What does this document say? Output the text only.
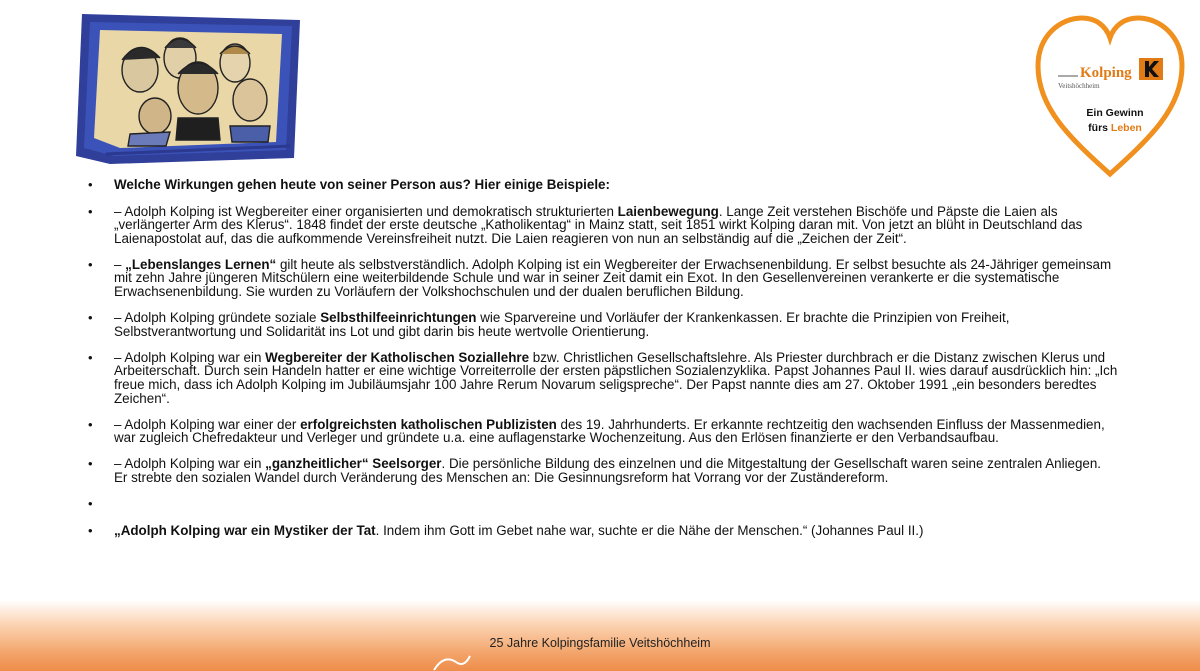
Kolping
Veitshöchheim
Ein Gewinn
fürs Leben
• Welche Wirkungen gehen heute von seiner Person aus? Hier einige Beispiele:
• – Adolph Kolping ist Wegbereiter einer organisierten und demokratisch strukturierten Laienbewegung. Lange Zeit verstehen Bischöfe und Päpste die Laien als „verlängerter Arm des Klerus“. 1848 findet der erste deutsche „Katholikentag“ in Mainz statt, seit 1851 wirkt Kolping daran mit. Von jetzt an blüht in Deutschland das Laienapostolat auf, das die aufkommende Vereinsfreiheit nutzt. Die Laien reagieren von nun an selbständig auf die „Zeichen der Zeit“.
• – „Lebenslanges Lernen“ gilt heute als selbstverständlich. Adolph Kolping ist ein Wegbereiter der Erwachsenenbildung. Er selbst besuchte als 24-Jähriger gemeinsam mit zehn Jahre jüngeren Mitschülern eine weiterbildende Schule und war in seiner Zeit damit ein Exot. In den Gesellenvereinen verankerte er die systematische Erwachsenenbildung. Sie wurden zu Vorläufern der Volkshochschulen und der dualen beruflichen Bildung.
• – Adolph Kolping gründete soziale Selbsthilfeeinrichtungen wie Sparvereine und Vorläufer der Krankenkassen. Er brachte die Prinzipien von Freiheit, Selbstverantwortung und Solidarität ins Lot und gibt darin bis heute wertvolle Orientierung.
• – Adolph Kolping war ein Wegbereiter der Katholischen Soziallehre bzw. Christlichen Gesellschaftslehre. Als Priester durchbrach er die Distanz zwischen Klerus und Arbeiterschaft. Durch sein Handeln hatter er eine wichtige Vorreiterrolle der ersten päpstlichen Sozialenzyklika. Papst Johannes Paul II. wies darauf ausdrücklich hin: „Ich freue mich, dass ich Adolph Kolping im Jubiläumsjahr 100 Jahre Rerum Novarum seligspreche“. Der Papst nannte dies am 27. Oktober 1991 „ein besonders beredtes Zeichen“.
• – Adolph Kolping war einer der erfolgreichsten katholischen Publizisten des 19. Jahrhunderts. Er erkannte rechtzeitig den wachsenden Einfluss der Massenmedien, war zugleich Chefredakteur und Verleger und gründete u.a. eine auflagenstarke Wochenzeitung. Aus den Erlösen finanzierte er den Verbandsaufbau.
• – Adolph Kolping war ein „ganzheitlicher“ Seelsorger. Die persönliche Bildung des einzelnen und die Mitgestaltung der Gesellschaft waren seine zentralen Anliegen. Er strebte den sozialen Wandel durch Veränderung des Menschen an: Die Gesinnungsreform hat Vorrang vor der Zuständereform.
•
• „Adolph Kolping war ein Mystiker der Tat. Indem ihm Gott im Gebet nahe war, suchte er die Nähe der Menschen.“ (Johannes Paul II.)
25 Jahre Kolpingsfamilie Veitshöchheim
